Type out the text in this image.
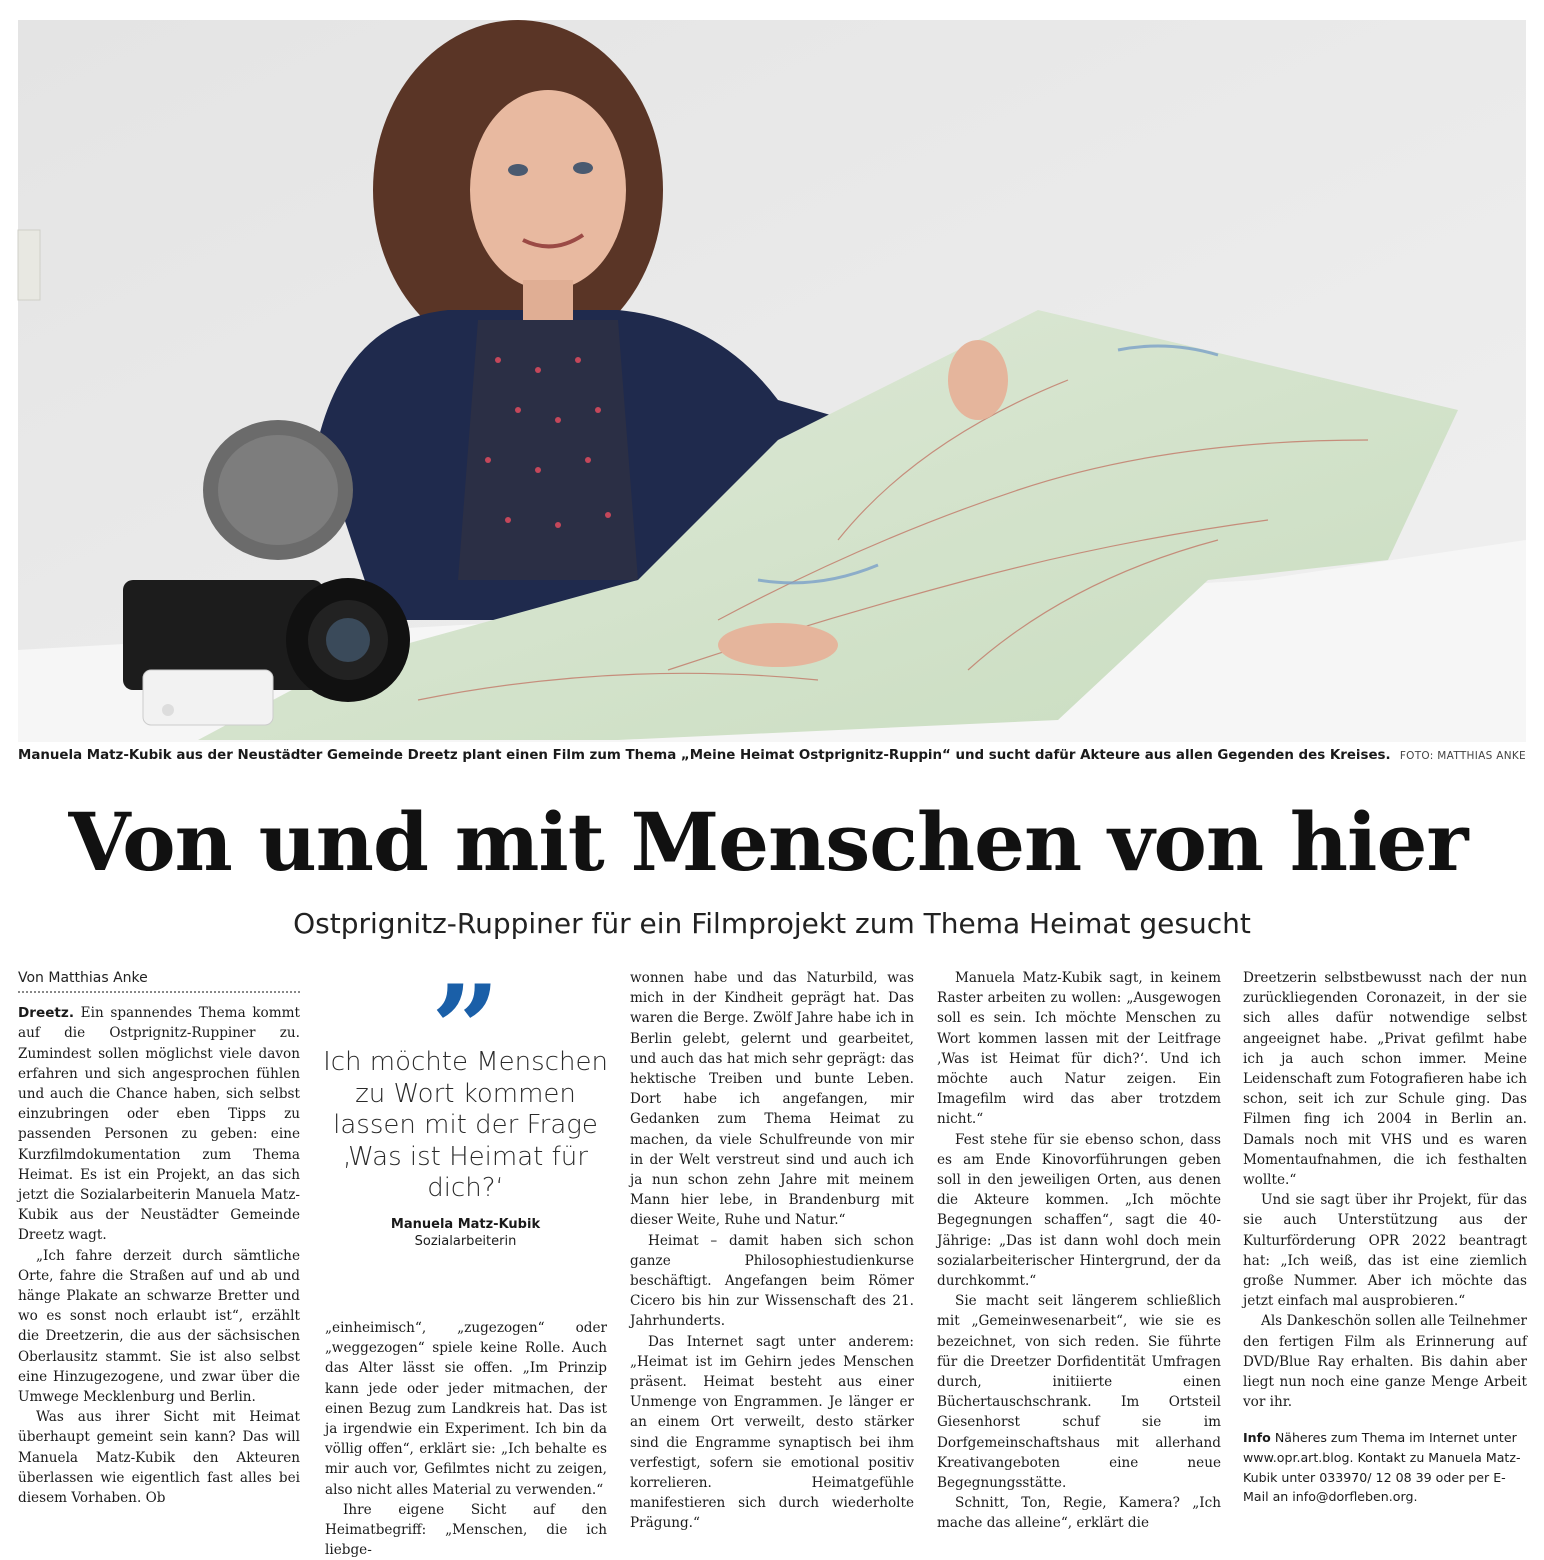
Manuela Matz-Kubik aus der Neustädter Gemeinde Dreetz plant einen Film zum Thema „Meine Heimat Ostprignitz-Ruppin“ und sucht dafür Akteure aus allen Gegenden des Kreises. FOTO: MATTHIAS ANKE
Von und mit Menschen von hier
Ostprignitz-Ruppiner für ein Filmprojekt zum Thema Heimat gesucht
Von Matthias Anke

Dreetz. Ein spannendes Thema kommt auf die Ostprignitz-Ruppiner zu. Zumindest sollen möglichst viele davon erfahren und sich angesprochen fühlen und auch die Chance haben, sich selbst einzubringen oder eben Tipps zu passenden Personen zu geben: eine Kurzfilmdokumentation zum Thema Heimat. Es ist ein Projekt, an das sich jetzt die Sozialarbeiterin Manuela Matz-Kubik aus der Neustädter Gemeinde Dreetz wagt.

„Ich fahre derzeit durch sämtliche Orte, fahre die Straßen auf und ab und hänge Plakate an schwarze Bretter und wo es sonst noch erlaubt ist“, erzählt die Dreetzerin, die aus der sächsischen Oberlausitz stammt. Sie ist also selbst eine Hinzugezogene, und zwar über die Umwege Mecklenburg und Berlin.

Was aus ihrer Sicht mit Heimat überhaupt gemeint sein kann? Das will Manuela Matz-Kubik den Akteuren überlassen wie eigentlich fast alles bei diesem Vorhaben. Ob

”
Ich möchte Menschen zu Wort kommen lassen mit der Frage ‚Was ist Heimat für dich?‘
Manuela Matz-Kubik
Sozialarbeiterin

„einheimisch“, „zugezogen“ oder „weggezogen“ spiele keine Rolle. Auch das Alter lässt sie offen. „Im Prinzip kann jede oder jeder mitmachen, der einen Bezug zum Landkreis hat. Das ist ja irgendwie ein Experiment. Ich bin da völlig offen“, erklärt sie: „Ich behalte es mir auch vor, Gefilmtes nicht zu zeigen, also nicht alles Material zu verwenden.“

Ihre eigene Sicht auf den Heimatbegriff: „Menschen, die ich liebge-

wonnen habe und das Naturbild, was mich in der Kindheit geprägt hat. Das waren die Berge. Zwölf Jahre habe ich in Berlin gelebt, gelernt und gearbeitet, und auch das hat mich sehr geprägt: das hektische Treiben und bunte Leben. Dort habe ich angefangen, mir Gedanken zum Thema Heimat zu machen, da viele Schulfreunde von mir in der Welt verstreut sind und auch ich ja nun schon zehn Jahre mit meinem Mann hier lebe, in Brandenburg mit dieser Weite, Ruhe und Natur.“

Heimat – damit haben sich schon ganze Philosophiestudienkurse beschäftigt. Angefangen beim Römer Cicero bis hin zur Wissenschaft des 21. Jahrhunderts.

Das Internet sagt unter anderem: „Heimat ist im Gehirn jedes Menschen präsent. Heimat besteht aus einer Unmenge von Engrammen. Je länger er an einem Ort verweilt, desto stärker sind die Engramme synaptisch bei ihm verfestigt, sofern sie emotional positiv korrelieren. Heimatgefühle manifestieren sich durch wiederholte Prägung.“

Manuela Matz-Kubik sagt, in keinem Raster arbeiten zu wollen: „Ausgewogen soll es sein. Ich möchte Menschen zu Wort kommen lassen mit der Leitfrage ‚Was ist Heimat für dich?‘. Und ich möchte auch Natur zeigen. Ein Imagefilm wird das aber trotzdem nicht.“

Fest stehe für sie ebenso schon, dass es am Ende Kinovorführungen geben soll in den jeweiligen Orten, aus denen die Akteure kommen. „Ich möchte Begegnungen schaffen“, sagt die 40-Jährige: „Das ist dann wohl doch mein sozialarbeiterischer Hintergrund, der da durchkommt.“

Sie macht seit längerem schließlich mit „Gemeinwesenarbeit“, wie sie es bezeichnet, von sich reden. Sie führte für die Dreetzer Dorfidentität Umfragen durch, initiierte einen Büchertauschschrank. Im Ortsteil Giesenhorst schuf sie im Dorfgemeinschaftshaus mit allerhand Kreativangeboten eine neue Begegnungsstätte.

Schnitt, Ton, Regie, Kamera? „Ich mache das alleine“, erklärt die

Dreetzerin selbstbewusst nach der nun zurückliegenden Coronazeit, in der sie sich alles dafür notwendige selbst angeeignet habe. „Privat gefilmt habe ich ja auch schon immer. Meine Leidenschaft zum Fotografieren habe ich schon, seit ich zur Schule ging. Das Filmen fing ich 2004 in Berlin an. Damals noch mit VHS und es waren Momentaufnahmen, die ich festhalten wollte.“

Und sie sagt über ihr Projekt, für das sie auch Unterstützung aus der Kulturförderung OPR 2022 beantragt hat: „Ich weiß, das ist eine ziemlich große Nummer. Aber ich möchte das jetzt einfach mal ausprobieren.“

Als Dankeschön sollen alle Teilnehmer den fertigen Film als Erinnerung auf DVD/Blue Ray erhalten. Bis dahin aber liegt nun noch eine ganze Menge Arbeit vor ihr.

Info Näheres zum Thema im Internet unter www.opr.art.blog. Kontakt zu Manuela Matz-Kubik unter 033970/ 12 08 39 oder per E-Mail an info@dorfleben.org.
